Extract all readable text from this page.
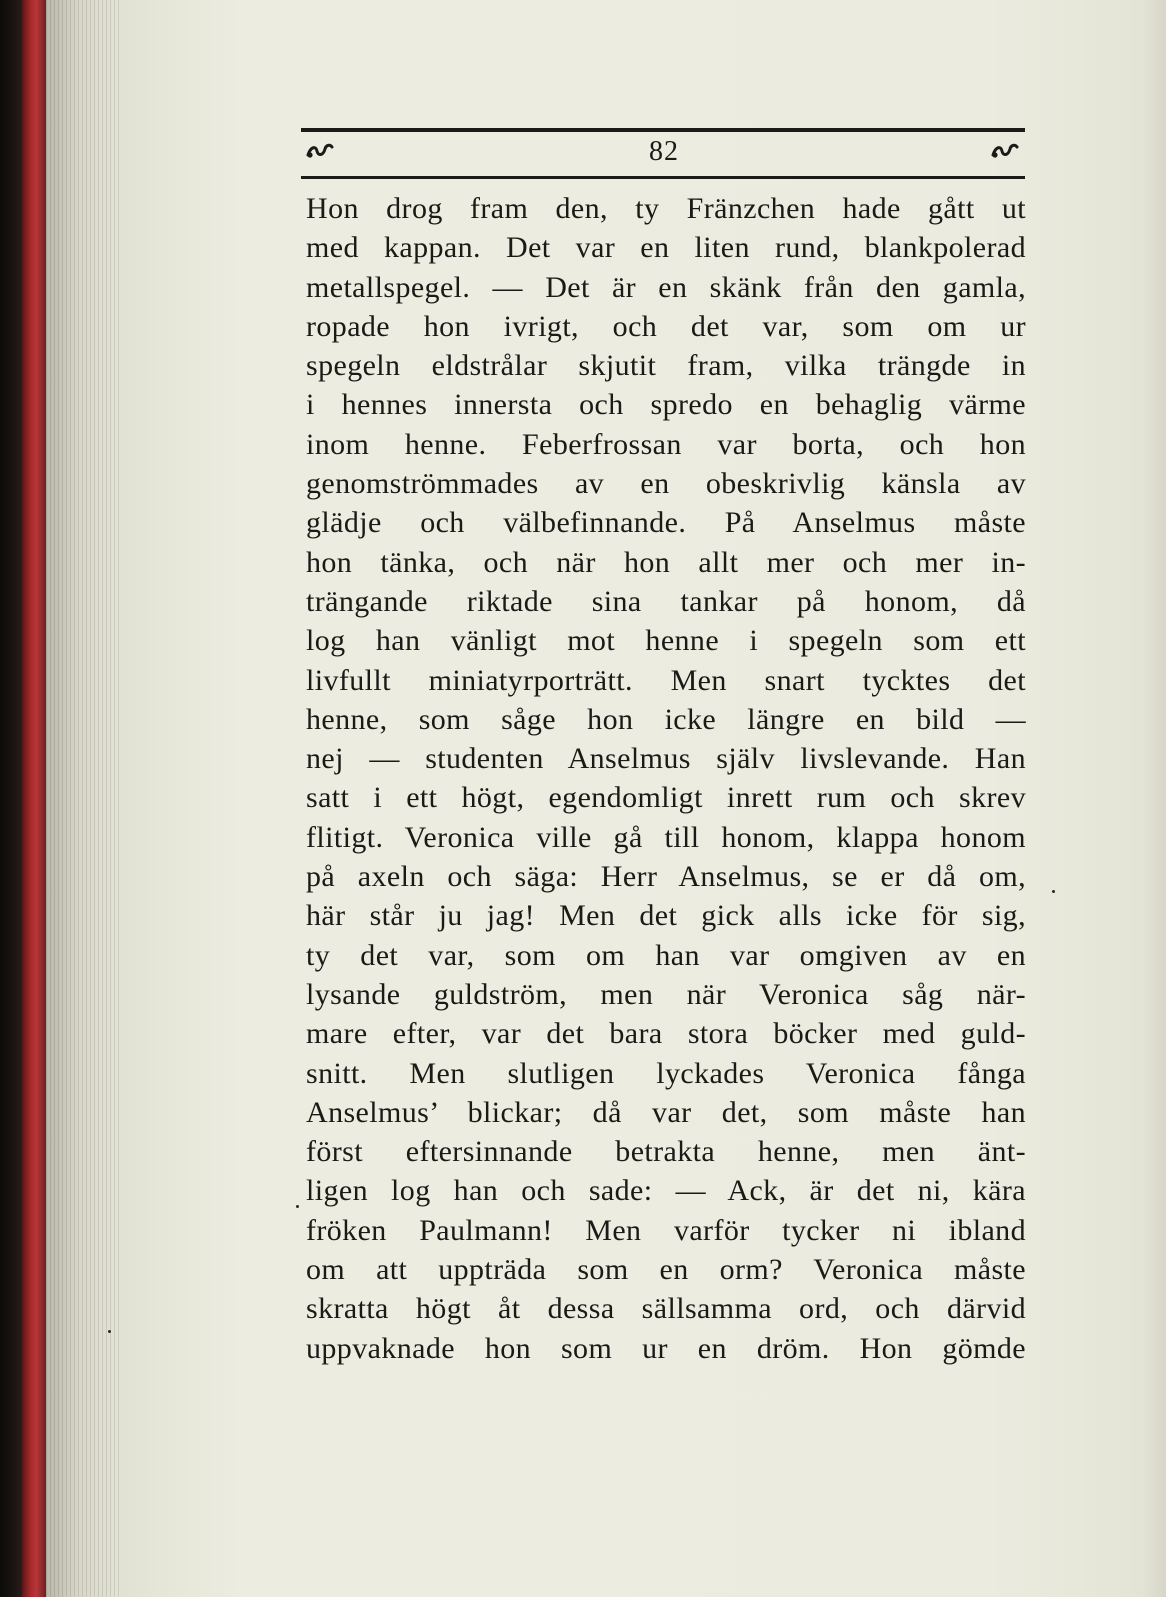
82
Hon drog fram den, ty Fränzchen hade gått ut
med kappan. Det var en liten rund, blankpolerad
metallspegel. — Det är en skänk från den gamla,
ropade hon ivrigt, och det var, som om ur
spegeln eldstrålar skjutit fram, vilka trängde in
i hennes innersta och spredo en behaglig värme
inom henne. Feberfrossan var borta, och hon
genomströmmades av en obeskrivlig känsla av
glädje och välbefinnande. På Anselmus måste
hon tänka, och när hon allt mer och mer in-
trängande riktade sina tankar på honom, då
log han vänligt mot henne i spegeln som ett
livfullt miniatyrporträtt. Men snart tycktes det
henne, som såge hon icke längre en bild —
nej — studenten Anselmus själv livslevande. Han
satt i ett högt, egendomligt inrett rum och skrev
flitigt. Veronica ville gå till honom, klappa honom
på axeln och säga: Herr Anselmus, se er då om,
här står ju jag! Men det gick alls icke för sig,
ty det var, som om han var omgiven av en
lysande guldström, men när Veronica såg när-
mare efter, var det bara stora böcker med guld-
snitt. Men slutligen lyckades Veronica fånga
Anselmus’ blickar; då var det, som måste han
först eftersinnande betrakta henne, men änt-
ligen log han och sade: — Ack, är det ni, kära
fröken Paulmann! Men varför tycker ni ibland
om att uppträda som en orm? Veronica måste
skratta högt åt dessa sällsamma ord, och därvid
uppvaknade hon som ur en dröm. Hon gömde
